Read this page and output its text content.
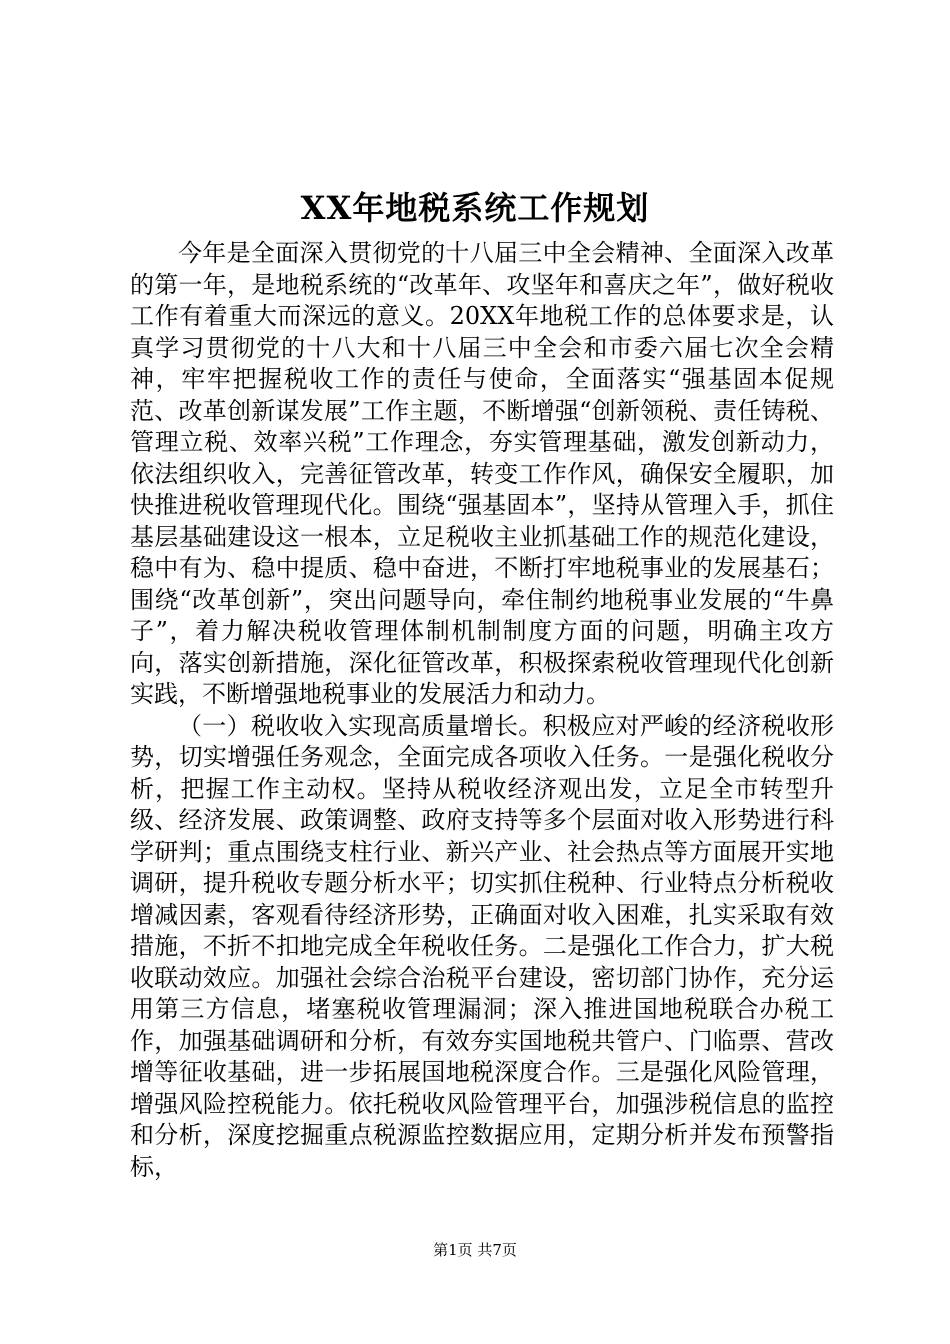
XX年地税系统工作规划

今年是全面深入贯彻党的十八届三中全会精神、全面深入改革的第一年，是地税系统的“改革年、攻坚年和喜庆之年”，做好税收工作有着重大而深远的意义。20XX年地税工作的总体要求是，认真学习贯彻党的十八大和十八届三中全会和市委六届七次全会精神，牢牢把握税收工作的责任与使命，全面落实“强基固本促规范、改革创新谋发展”工作主题，不断增强“创新领税、责任铸税、管理立税、效率兴税”工作理念，夯实管理基础，激发创新动力，依法组织收入，完善征管改革，转变工作作风，确保安全履职，加快推进税收管理现代化。围绕“强基固本”，坚持从管理入手，抓住基层基础建设这一根本，立足税收主业抓基础工作的规范化建设，稳中有为、稳中提质、稳中奋进，不断打牢地税事业的发展基石；围绕“改革创新”，突出问题导向，牵住制约地税事业发展的“牛鼻子”，着力解决税收管理体制机制制度方面的问题，明确主攻方向，落实创新措施，深化征管改革，积极探索税收管理现代化创新实践，不断增强地税事业的发展活力和动力。

（一）税收收入实现高质量增长。积极应对严峻的经济税收形势，切实增强任务观念，全面完成各项收入任务。一是强化税收分析，把握工作主动权。坚持从税收经济观出发，立足全市转型升级、经济发展、政策调整、政府支持等多个层面对收入形势进行科学研判；重点围绕支柱行业、新兴产业、社会热点等方面展开实地调研，提升税收专题分析水平；切实抓住税种、行业特点分析税收增减因素，客观看待经济形势，正确面对收入困难，扎实采取有效措施，不折不扣地完成全年税收任务。二是强化工作合力，扩大税收联动效应。加强社会综合治税平台建设，密切部门协作，充分运用第三方信息，堵塞税收管理漏洞；深入推进国地税联合办税工作，加强基础调研和分析，有效夯实国地税共管户、门临票、营改增等征收基础，进一步拓展国地税深度合作。三是强化风险管理，增强风险控税能力。依托税收风险管理平台，加强涉税信息的监控和分析，深度挖掘重点税源监控数据应用，定期分析并发布预警指标，

第1页 共7页
